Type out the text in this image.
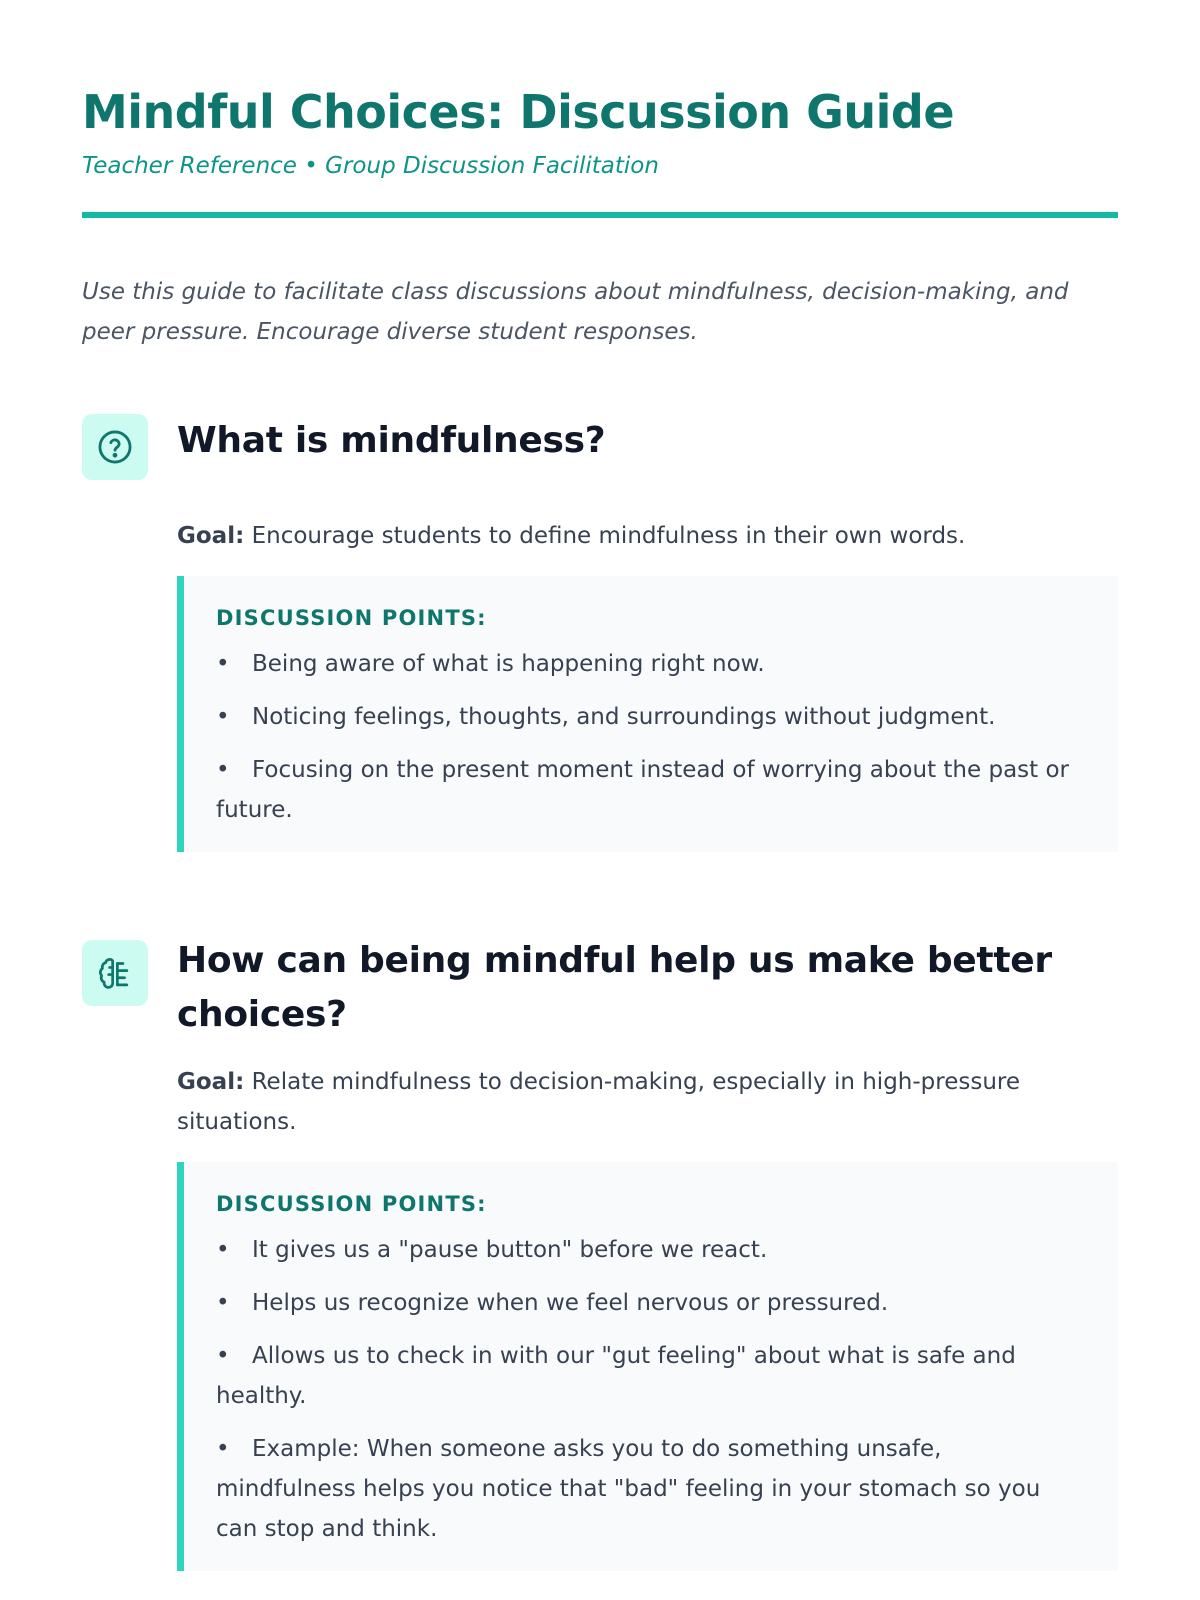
Mindful Choices: Discussion Guide
Teacher Reference • Group Discussion Facilitation
Use this guide to facilitate class discussions about mindfulness, decision-making, and peer pressure. Encourage diverse student responses.
What is mindfulness?
Goal: Encourage students to define mindfulness in their own words.
DISCUSSION POINTS:
• Being aware of what is happening right now.
• Noticing feelings, thoughts, and surroundings without judgment.
• Focusing on the present moment instead of worrying about the past or future.
How can being mindful help us make better choices?
Goal: Relate mindfulness to decision-making, especially in high-pressure situations.
DISCUSSION POINTS:
• It gives us a "pause button" before we react.
• Helps us recognize when we feel nervous or pressured.
• Allows us to check in with our "gut feeling" about what is safe and healthy.
• Example: When someone asks you to do something unsafe, mindfulness helps you notice that "bad" feeling in your stomach so you can stop and think.
